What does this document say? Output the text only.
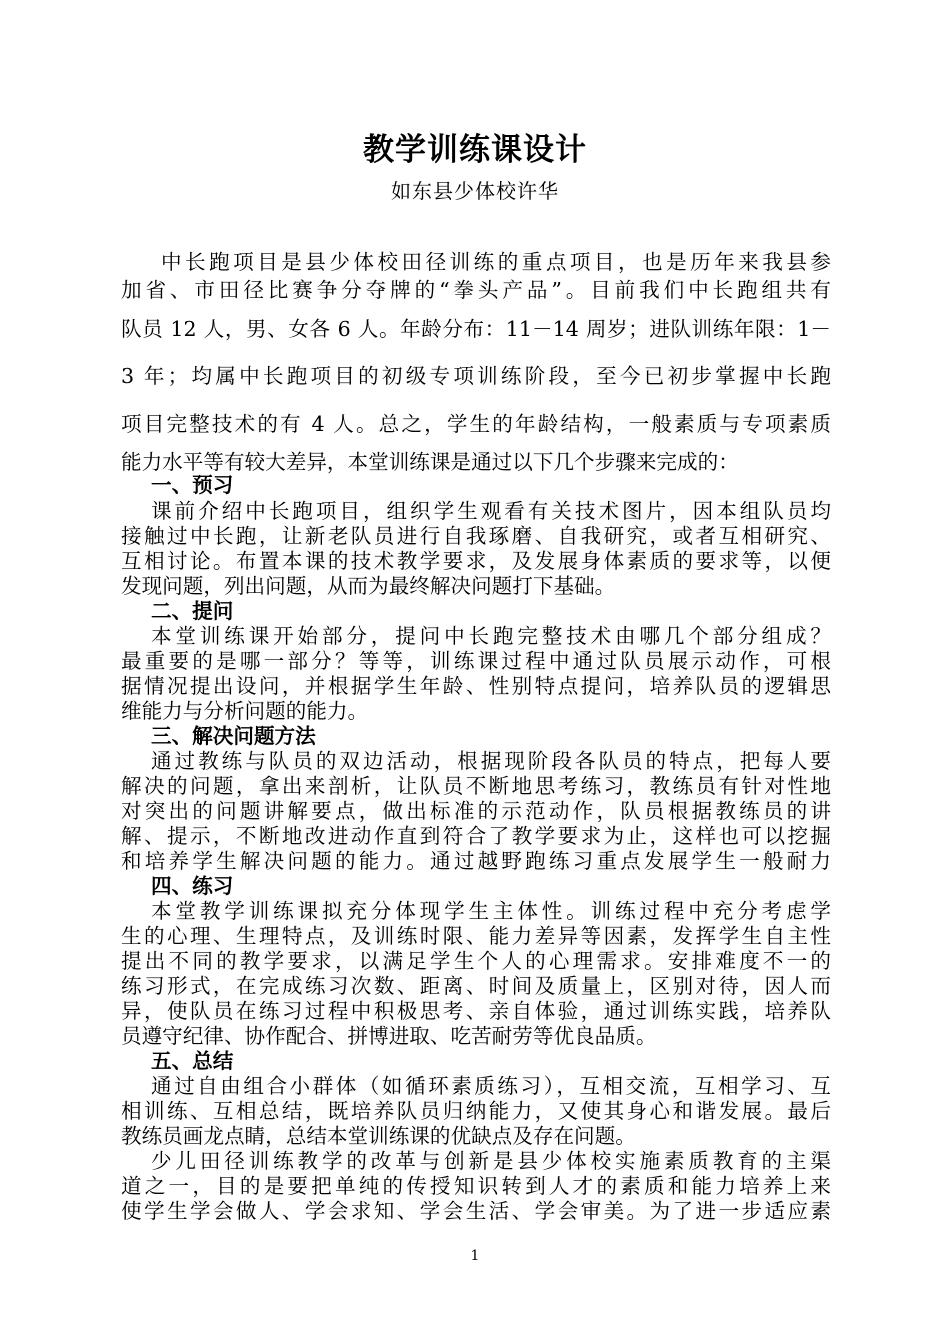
教学训练课设计
如东县少体校许华
中长跑项目是县少体校田径训练的重点项目，也是历年来我县参
加省、市田径比赛争分夺牌的“拳头产品”。目前我们中长跑组共有
队员 12 人，男、女各 6 人。年龄分布：11－14 周岁；进队训练年限：1－
3 年；均属中长跑项目的初级专项训练阶段，至今已初步掌握中长跑
项目完整技术的有 4 人。总之，学生的年龄结构，一般素质与专项素质
能力水平等有较大差异，本堂训练课是通过以下几个步骤来完成的：
一、预习
课前介绍中长跑项目，组织学生观看有关技术图片，因本组队员均
接触过中长跑，让新老队员进行自我琢磨、自我研究，或者互相研究、
互相讨论。布置本课的技术教学要求，及发展身体素质的要求等，以便
发现问题，列出问题，从而为最终解决问题打下基础。
二、提问
本堂训练课开始部分，提问中长跑完整技术由哪几个部分组成？
最重要的是哪一部分？等等，训练课过程中通过队员展示动作，可根
据情况提出设问，并根据学生年龄、性别特点提问，培养队员的逻辑思
维能力与分析问题的能力。
三、解决问题方法
通过教练与队员的双边活动，根据现阶段各队员的特点，把每人要
解决的问题，拿出来剖析，让队员不断地思考练习，教练员有针对性地
对突出的问题讲解要点，做出标准的示范动作，队员根据教练员的讲
解、提示，不断地改进动作直到符合了教学要求为止，这样也可以挖掘
和培养学生解决问题的能力。通过越野跑练习重点发展学生一般耐力
四、练习
本堂教学训练课拟充分体现学生主体性。训练过程中充分考虑学
生的心理、生理特点，及训练时限、能力差异等因素，发挥学生自主性
提出不同的教学要求，以满足学生个人的心理需求。安排难度不一的
练习形式，在完成练习次数、距离、时间及质量上，区别对待，因人而
异，使队员在练习过程中积极思考、亲自体验，通过训练实践，培养队
员遵守纪律、协作配合、拼博进取、吃苦耐劳等优良品质。
五、总结
通过自由组合小群体（如循环素质练习），互相交流，互相学习、互
相训练、互相总结，既培养队员归纳能力，又使其身心和谐发展。最后
教练员画龙点睛，总结本堂训练课的优缺点及存在问题。
少儿田径训练教学的改革与创新是县少体校实施素质教育的主渠
道之一，目的是要把单纯的传授知识转到人才的素质和能力培养上来
使学生学会做人、学会求知、学会生活、学会审美。为了进一步适应素
1
